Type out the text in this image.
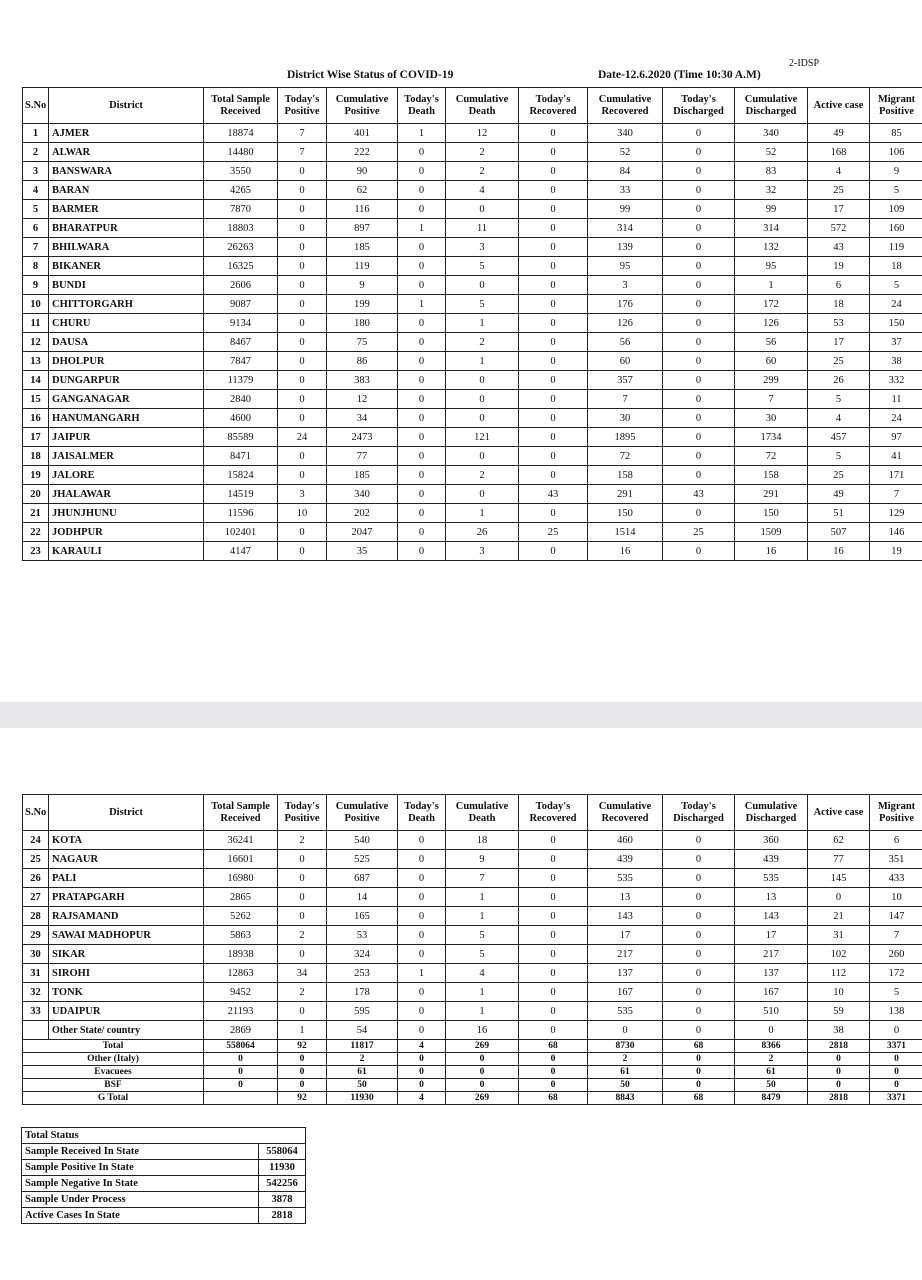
2-IDSP
District Wise Status of COVID-19	Date-12.6.2020 (Time 10:30 A.M)
S.No	District	Total Sample Received	Today's Positive	Cumulative Positive	Today's Death	Cumulative Death	Today's Recovered	Cumulative Recovered	Today's Discharged	Cumulative Discharged	Active case	Migrant Positive
1	AJMER	18874	7	401	1	12	0	340	0	340	49	85
2	ALWAR	14480	7	222	0	2	0	52	0	52	168	106
3	BANSWARA	3550	0	90	0	2	0	84	0	83	4	9
4	BARAN	4265	0	62	0	4	0	33	0	32	25	5
5	BARMER	7870	0	116	0	0	0	99	0	99	17	109
6	BHARATPUR	18803	0	897	1	11	0	314	0	314	572	160
7	BHILWARA	26263	0	185	0	3	0	139	0	132	43	119
8	BIKANER	16325	0	119	0	5	0	95	0	95	19	18
9	BUNDI	2606	0	9	0	0	0	3	0	1	6	5
10	CHITTORGARH	9087	0	199	1	5	0	176	0	172	18	24
11	CHURU	9134	0	180	0	1	0	126	0	126	53	150
12	DAUSA	8467	0	75	0	2	0	56	0	56	17	37
13	DHOLPUR	7847	0	86	0	1	0	60	0	60	25	38
14	DUNGARPUR	11379	0	383	0	0	0	357	0	299	26	332
15	GANGANAGAR	2840	0	12	0	0	0	7	0	7	5	11
16	HANUMANGARH	4600	0	34	0	0	0	30	0	30	4	24
17	JAIPUR	85589	24	2473	0	121	0	1895	0	1734	457	97
18	JAISALMER	8471	0	77	0	0	0	72	0	72	5	41
19	JALORE	15824	0	185	0	2	0	158	0	158	25	171
20	JHALAWAR	14519	3	340	0	0	43	291	43	291	49	7
21	JHUNJHUNU	11596	10	202	0	1	0	150	0	150	51	129
22	JODHPUR	102401	0	2047	0	26	25	1514	25	1509	507	146
23	KARAULI	4147	0	35	0	3	0	16	0	16	16	19
S.No	District	Total Sample Received	Today's Positive	Cumulative Positive	Today's Death	Cumulative Death	Today's Recovered	Cumulative Recovered	Today's Discharged	Cumulative Discharged	Active case	Migrant Positive
24	KOTA	36241	2	540	0	18	0	460	0	360	62	6
25	NAGAUR	16601	0	525	0	9	0	439	0	439	77	351
26	PALI	16980	0	687	0	7	0	535	0	535	145	433
27	PRATAPGARH	2865	0	14	0	1	0	13	0	13	0	10
28	RAJSAMAND	5262	0	165	0	1	0	143	0	143	21	147
29	SAWAI MADHOPUR	5863	2	53	0	5	0	17	0	17	31	7
30	SIKAR	18938	0	324	0	5	0	217	0	217	102	260
31	SIROHI	12863	34	253	1	4	0	137	0	137	112	172
32	TONK	9452	2	178	0	1	0	167	0	167	10	5
33	UDAIPUR	21193	0	595	0	1	0	535	0	510	59	138
	Other State/ country	2869	1	54	0	16	0	0	0	0	38	0
Total		558064	92	11817	4	269	68	8730	68	8366	2818	3371
Other (Italy)		0	0	2	0	0	0	2	0	2	0	0
Evacuees		0	0	61	0	0	0	61	0	61	0	0
BSF		0	0	50	0	0	0	50	0	50	0	0
G Total			92	11930	4	269	68	8843	68	8479	2818	3371
Total Status	
Sample Received In State	558064
Sample Positive In State	11930
Sample Negative In State	542256
Sample Under Process	3878
Active Cases In State	2818
